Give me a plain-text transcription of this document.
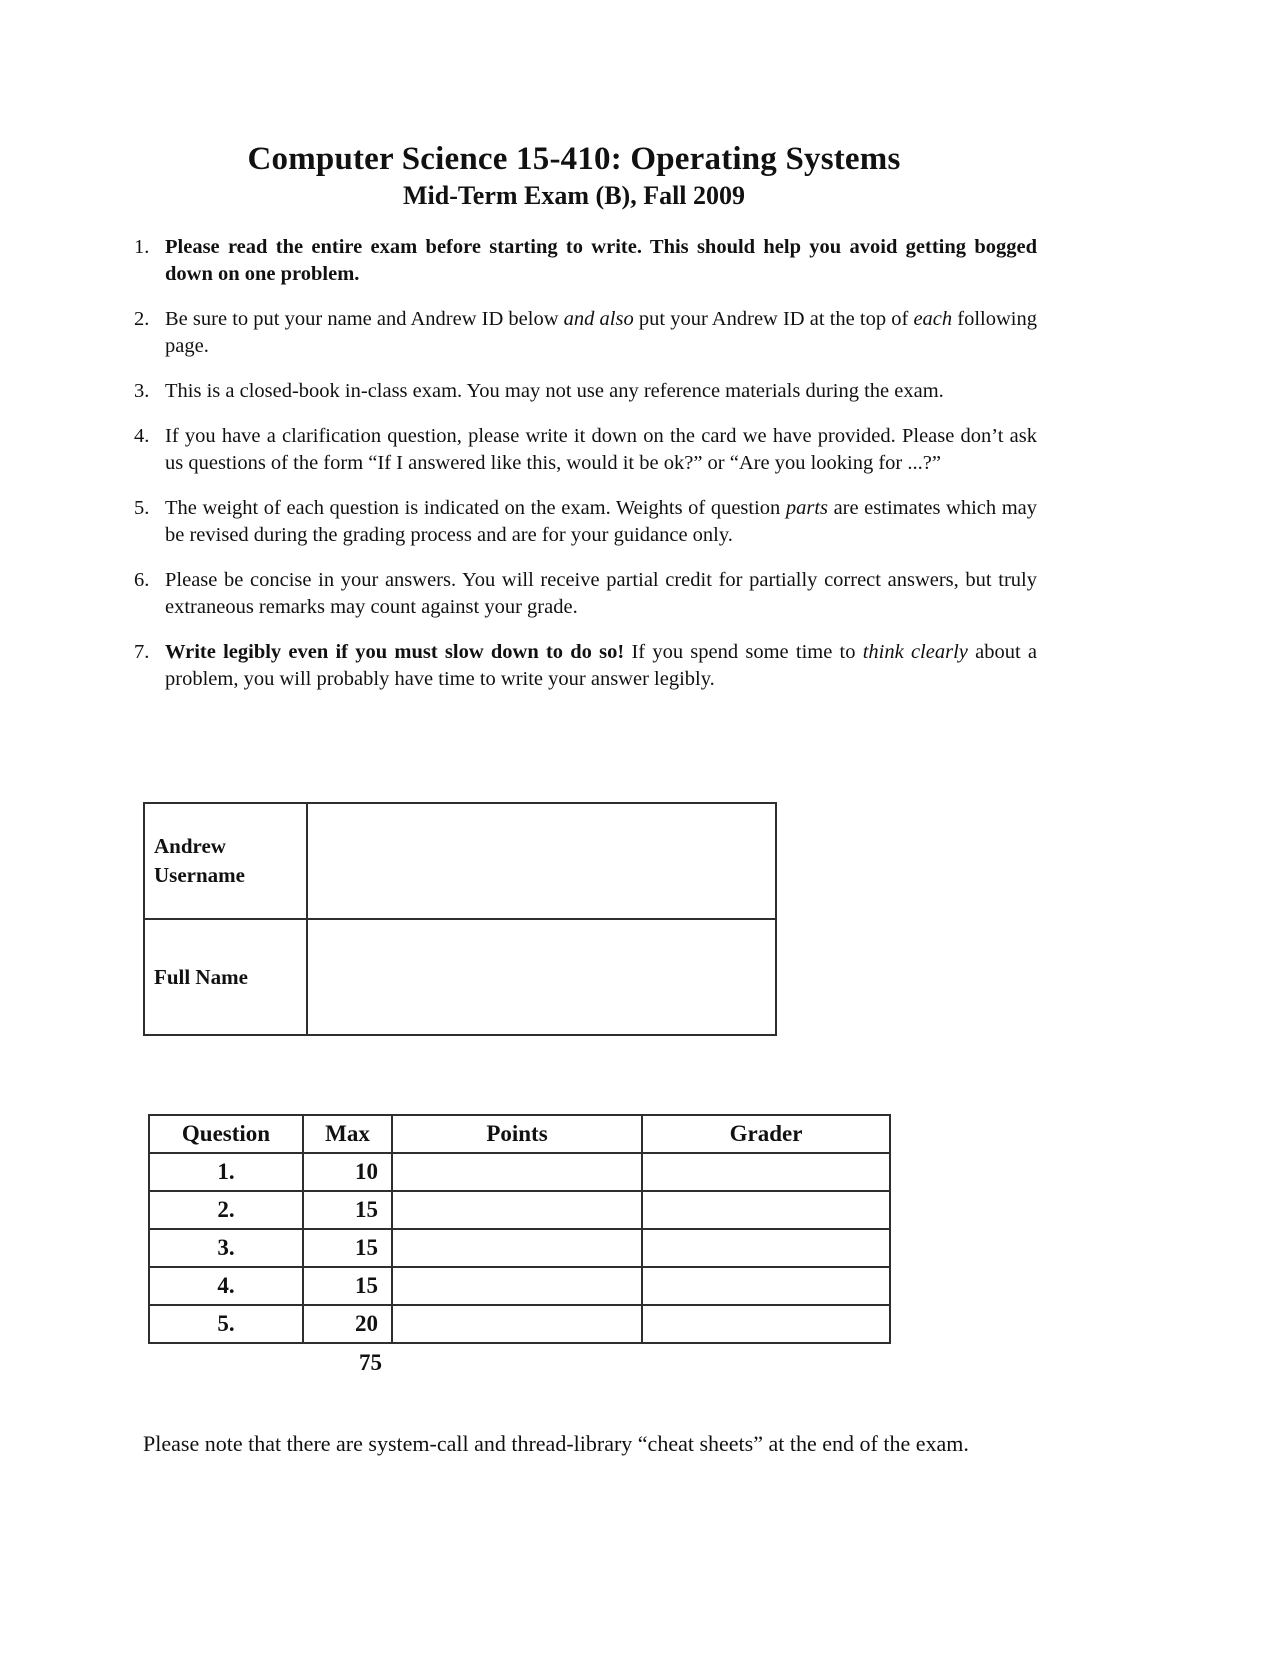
Computer Science 15-410: Operating Systems
Mid-Term Exam (B), Fall 2009
1. Please read the entire exam before starting to write. This should help you avoid getting bogged down on one problem.
2. Be sure to put your name and Andrew ID below and also put your Andrew ID at the top of each following page.
3. This is a closed-book in-class exam. You may not use any reference materials during the exam.
4. If you have a clarification question, please write it down on the card we have provided. Please don’t ask us questions of the form “If I answered like this, would it be ok?” or “Are you looking for ...?”
5. The weight of each question is indicated on the exam. Weights of question parts are estimates which may be revised during the grading process and are for your guidance only.
6. Please be concise in your answers. You will receive partial credit for partially correct answers, but truly extraneous remarks may count against your grade.
7. Write legibly even if you must slow down to do so! If you spend some time to think clearly about a problem, you will probably have time to write your answer legibly.
Andrew Username	
Full Name	
Question	Max	Points	Grader
1.	10		
2.	15		
3.	15		
4.	15		
5.	20		
75
Please note that there are system-call and thread-library “cheat sheets” at the end of the exam.
